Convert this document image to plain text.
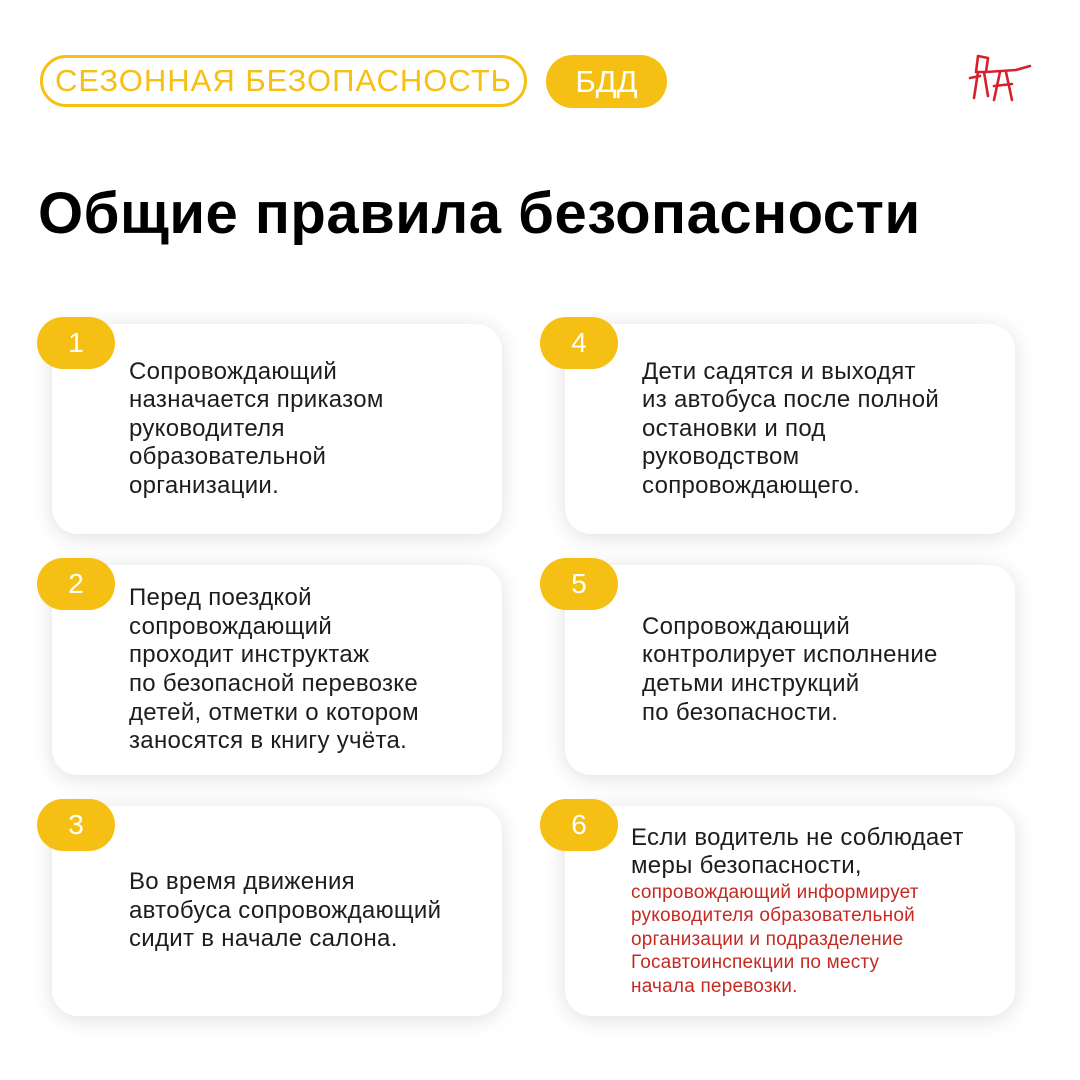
СЕЗОННАЯ БЕЗОПАСНОСТЬ	БДД
Общие правила безопасности
Сопровождающий
назначается приказом
руководителя
образовательной
организации.
1
Перед поездкой
сопровождающий
проходит инструктаж
по безопасной перевозке
детей, отметки о котором
заносятся в книгу учёта.
2
Во время движения
автобуса сопровождающий
сидит в начале салона.
3
Дети садятся и выходят
из автобуса после полной
остановки и под
руководством
сопровождающего.
4
Сопровождающий
контролирует исполнение
детьми инструкций
по безопасности.
5
Если водитель не соблюдает
меры безопасности,
сопровождающий информирует
руководителя образовательной
организации и подразделение
Госавтоинспекции по месту
начала перевозки.
6
